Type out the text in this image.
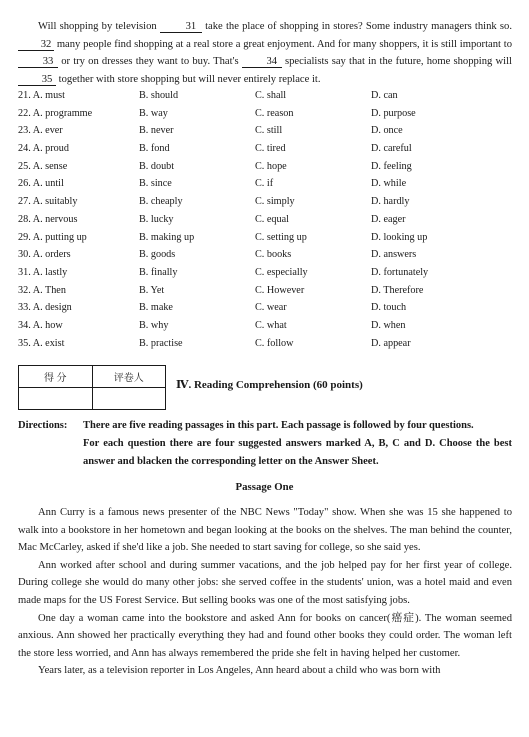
Will shopping by television	31 take the place of shopping in stores? Some industry managers think so. 32 many people find shopping at a real store a great enjoyment. And for many shoppers, it is still important to 33 or try on dresses they want to buy. That's	34 specialists say that in the future, home shopping will 35 together with store shopping but will never entirely replace it.

21. A. must	B. should	C. shall	D. can
22. A. programme	B. way	C. reason	D. purpose
23. A. ever	B. never	C. still	D. once
24. A. proud	B. fond	C. tired	D. careful
25. A. sense	B. doubt	C. hope	D. feeling
26. A. until	B. since	C. if	D. while
27. A. suitably	B. cheaply	C. simply	D. hardly
28. A. nervous	B. lucky	C. equal	D. eager
29. A. putting up	B. making up	C. setting up	D. looking up
30. A. orders	B. goods	C. books	D. answers
31. A. lastly	B. finally	C. especially	D. fortunately
32. A. Then	B. Yet	C. However	D. Therefore
33. A. design	B. make	C. wear	D. touch
34. A. how	B. why	C. what	D. when
35. A. exist	B. practise	C. follow	D. appear
得 分	评卷人

Ⅳ. Reading Comprehension (60 points)
Directions: There are five reading passages in this part. Each passage is followed by four questions.
For each question there are four suggested answers marked A, B, C and D. Choose the best answer and blacken the corresponding letter on the Answer Sheet.
Passage One

Ann Curry is a famous news presenter of the NBC News "Today" show. When she was 15 she happened to walk into a bookstore in her hometown and began looking at the books on the shelves. The man behind the counter, Mac McCarley, asked if she'd like a job. She needed to start saving for college, so she said yes.

Ann worked after school and during summer vacations, and the job helped pay for her first year of college. During college she would do many other jobs: she served coffee in the students' union, was a hotel maid and even made maps for the US Forest Service. But selling books was one of the most satisfying jobs.

One day a woman came into the bookstore and asked Ann for books on cancer(癌症). The woman seemed anxious. Ann showed her practically everything they had and found other books they could order. The woman left the store less worried, and Ann has always remembered the pride she felt in having helped her customer.

Years later, as a television reporter in Los Angeles, Ann heard about a child who was born with
